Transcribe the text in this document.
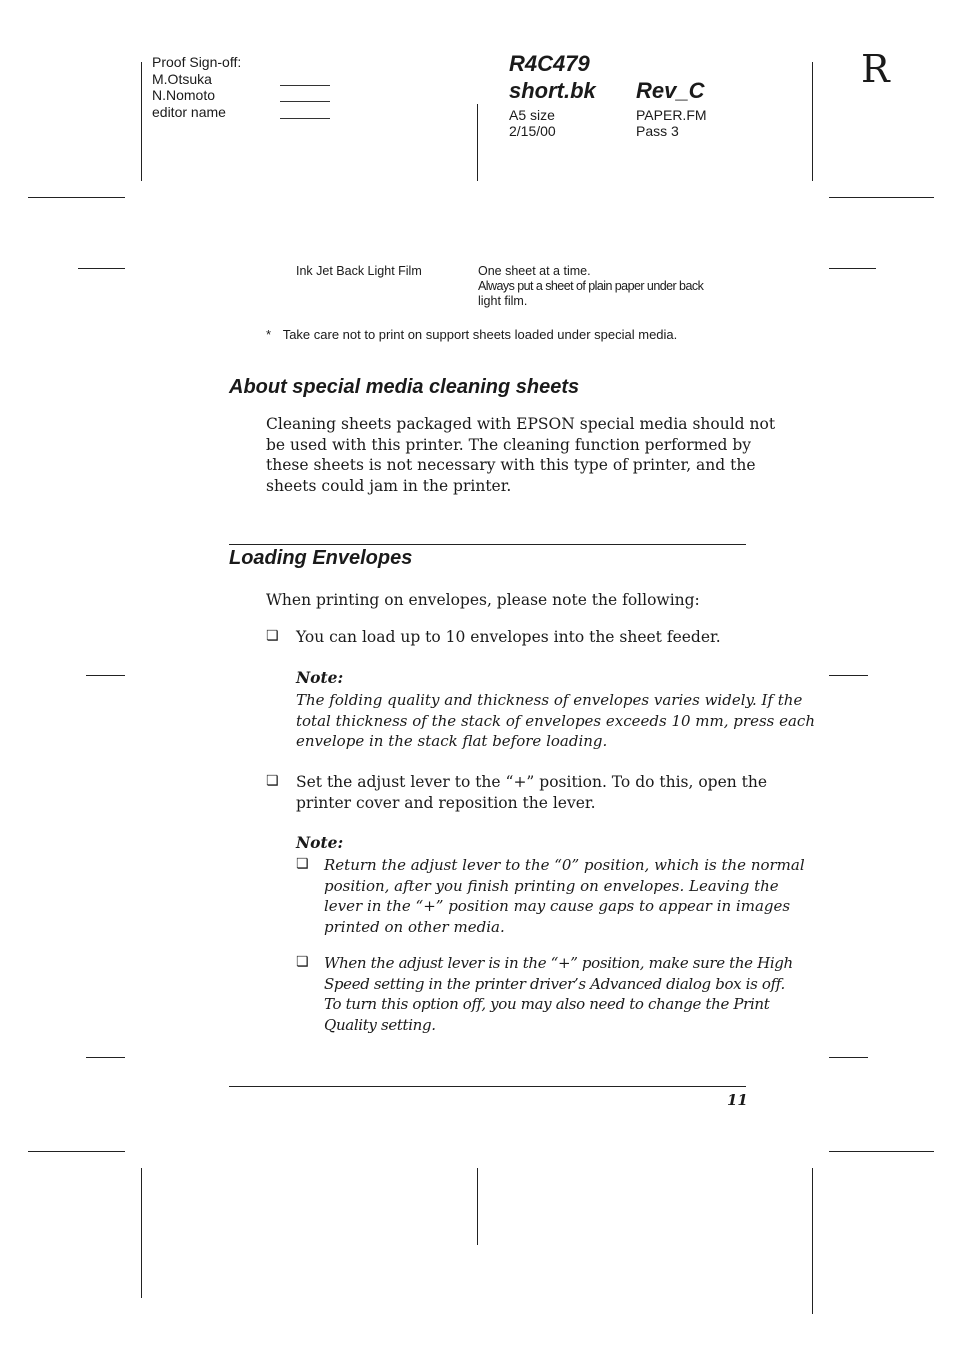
Proof Sign-off:
M.Otsuka
N.Nomoto
editor name
R4C479
short.bk Rev_C
A5 size
2/15/00
PAPER.FM
Pass 3
R
Ink Jet Back Light Film	One sheet at a time.
Always put a sheet of plain paper under back
light film.
* Take care not to print on support sheets loaded under special media.
About special media cleaning sheets
Cleaning sheets packaged with EPSON special media should not
be used with this printer. The cleaning function performed by
these sheets is not necessary with this type of printer, and the
sheets could jam in the printer.
Loading Envelopes
When printing on envelopes, please note the following:
❏ You can load up to 10 envelopes into the sheet feeder.
Note:
The folding quality and thickness of envelopes varies widely. If the
total thickness of the stack of envelopes exceeds 10 mm, press each
envelope in the stack flat before loading.
❏ Set the adjust lever to the “+” position. To do this, open the
printer cover and reposition the lever.
Note:
❏ Return the adjust lever to the “0” position, which is the normal
position, after you finish printing on envelopes. Leaving the
lever in the “+” position may cause gaps to appear in images
printed on other media.
❏ When the adjust lever is in the “+” position, make sure the High
Speed setting in the printer driver’s Advanced dialog box is off.
To turn this option off, you may also need to change the Print
Quality setting.
11
